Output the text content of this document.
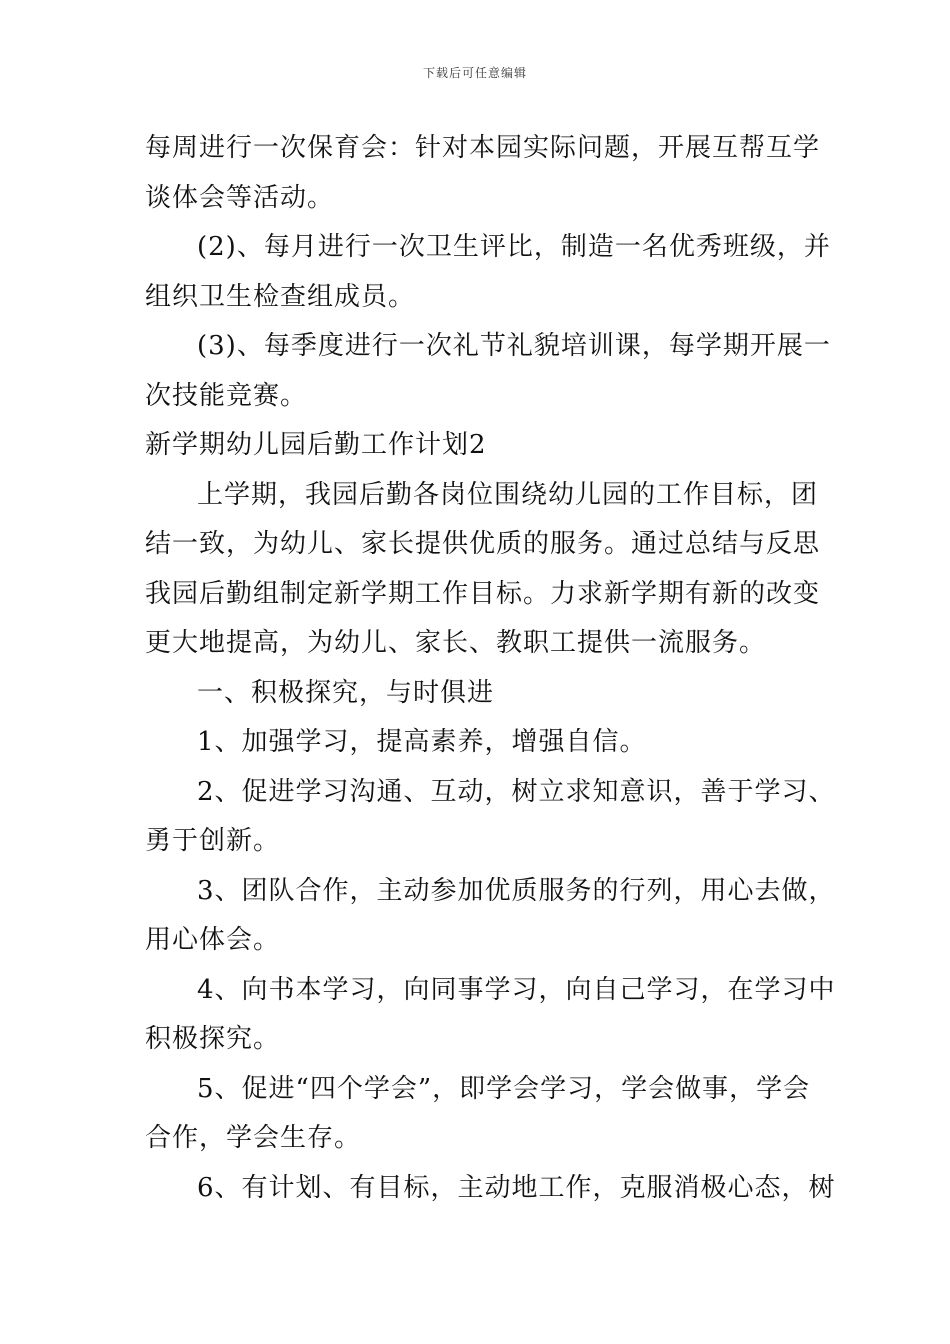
下载后可任意编辑

每周进行一次保育会：针对本园实际问题，开展互帮互学

谈体会等活动。

(2)、每月进行一次卫生评比，制造一名优秀班级，并

组织卫生检查组成员。

(3)、每季度进行一次礼节礼貌培训课，每学期开展一

次技能竞赛。

新学期幼儿园后勤工作计划2

上学期，我园后勤各岗位围绕幼儿园的工作目标，团

结一致，为幼儿、家长提供优质的服务。通过总结与反思

我园后勤组制定新学期工作目标。力求新学期有新的改变

更大地提高，为幼儿、家长、教职工提供一流服务。

一、积极探究，与时俱进

1、加强学习，提高素养，增强自信。

2、促进学习沟通、互动，树立求知意识，善于学习、

勇于创新。

3、团队合作，主动参加优质服务的行列，用心去做，

用心体会。

4、向书本学习，向同事学习，向自己学习，在学习中

积极探究。

5、促进“四个学会”，即学会学习，学会做事，学会

合作，学会生存。

6、有计划、有目标，主动地工作，克服消极心态，树
